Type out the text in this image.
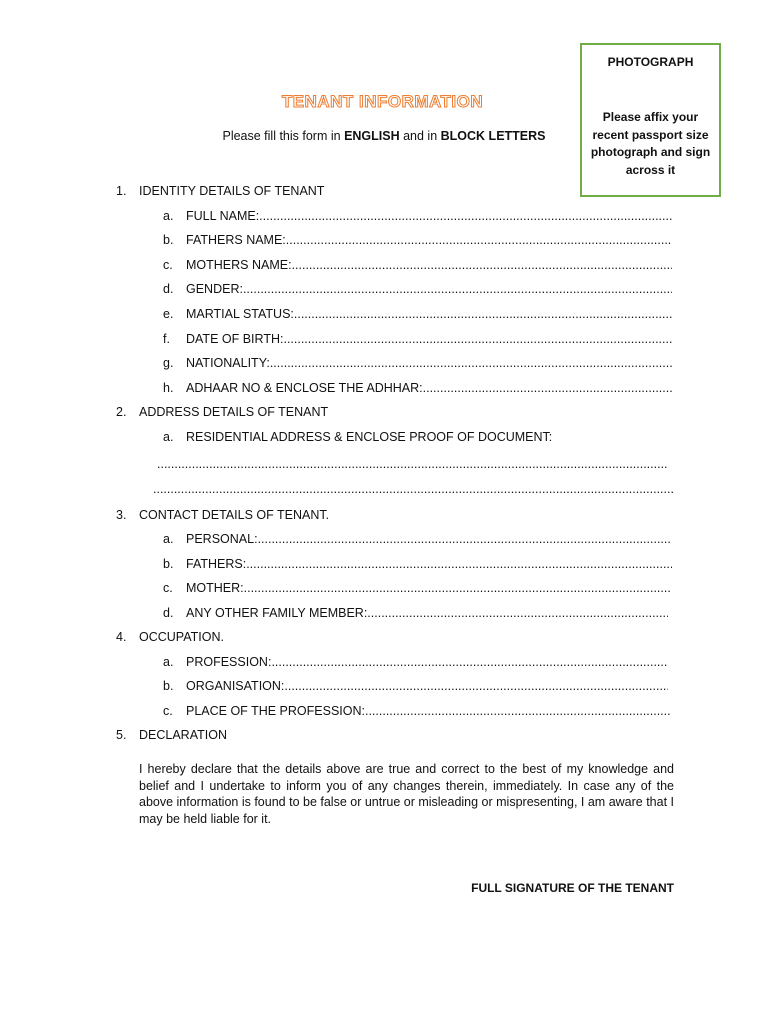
PHOTOGRAPH
Please affix your recent passport size photograph and sign across it
TENANT INFORMATION
Please fill this form in ENGLISH and in BLOCK LETTERS
1. IDENTITY DETAILS OF TENANT
a. FULL NAME:
.....
b. FATHERS NAME:
.....
c. MOTHERS NAME:
.....
d. GENDER:
.....
e. MARTIAL STATUS:
.....
f. DATE OF BIRTH:
.....
g. NATIONALITY:
.....
h. ADHAAR NO & ENCLOSE THE ADHHAR:
.....
2. ADDRESS DETAILS OF TENANT
a. RESIDENTIAL ADDRESS & ENCLOSE PROOF OF DOCUMENT:
.....
.....
3. CONTACT DETAILS OF TENANT.
a. PERSONAL:
.....
b. FATHERS:
.....
c. MOTHER:
.....
d. ANY OTHER FAMILY MEMBER:
.....
4. OCCUPATION.
a. PROFESSION:
.....
b. ORGANISATION:
.....
c. PLACE OF THE PROFESSION:
.....
5. DECLARATION
I hereby declare that the details above are true and correct to the best of my knowledge and belief and I undertake to inform you of any changes therein, immediately. In case any of the above information is found to be false or untrue or misleading or mispresenting, I am aware that I may be held liable for it.
FULL SIGNATURE OF THE TENANT
